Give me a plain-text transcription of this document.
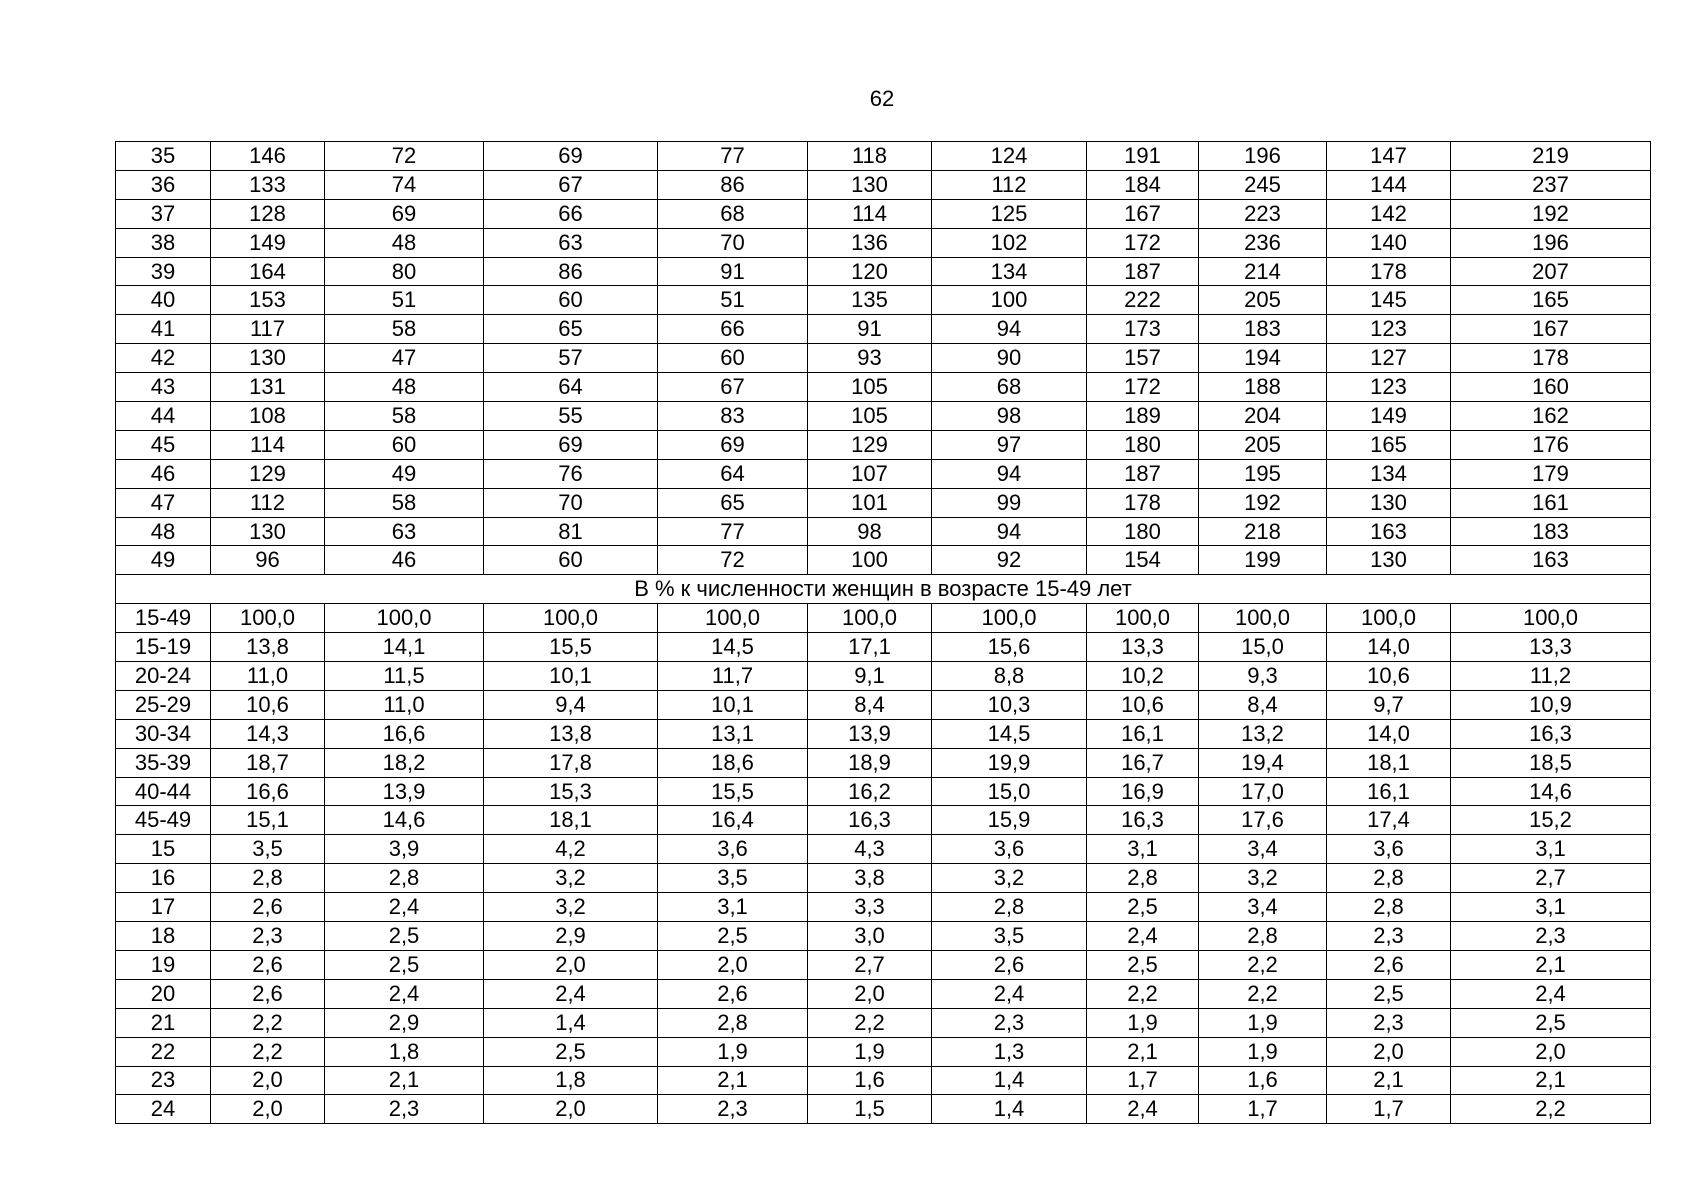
62
35	146	72	69	77	118	124	191	196	147	219
36	133	74	67	86	130	112	184	245	144	237
37	128	69	66	68	114	125	167	223	142	192
38	149	48	63	70	136	102	172	236	140	196
39	164	80	86	91	120	134	187	214	178	207
40	153	51	60	51	135	100	222	205	145	165
41	117	58	65	66	91	94	173	183	123	167
42	130	47	57	60	93	90	157	194	127	178
43	131	48	64	67	105	68	172	188	123	160
44	108	58	55	83	105	98	189	204	149	162
45	114	60	69	69	129	97	180	205	165	176
46	129	49	76	64	107	94	187	195	134	179
47	112	58	70	65	101	99	178	192	130	161
48	130	63	81	77	98	94	180	218	163	183
49	96	46	60	72	100	92	154	199	130	163
В % к численности женщин в возрасте 15-49 лет										
15-49	100,0	100,0	100,0	100,0	100,0	100,0	100,0	100,0	100,0	100,0
15-19	13,8	14,1	15,5	14,5	17,1	15,6	13,3	15,0	14,0	13,3
20-24	11,0	11,5	10,1	11,7	9,1	8,8	10,2	9,3	10,6	11,2
25-29	10,6	11,0	9,4	10,1	8,4	10,3	10,6	8,4	9,7	10,9
30-34	14,3	16,6	13,8	13,1	13,9	14,5	16,1	13,2	14,0	16,3
35-39	18,7	18,2	17,8	18,6	18,9	19,9	16,7	19,4	18,1	18,5
40-44	16,6	13,9	15,3	15,5	16,2	15,0	16,9	17,0	16,1	14,6
45-49	15,1	14,6	18,1	16,4	16,3	15,9	16,3	17,6	17,4	15,2
15	3,5	3,9	4,2	3,6	4,3	3,6	3,1	3,4	3,6	3,1
16	2,8	2,8	3,2	3,5	3,8	3,2	2,8	3,2	2,8	2,7
17	2,6	2,4	3,2	3,1	3,3	2,8	2,5	3,4	2,8	3,1
18	2,3	2,5	2,9	2,5	3,0	3,5	2,4	2,8	2,3	2,3
19	2,6	2,5	2,0	2,0	2,7	2,6	2,5	2,2	2,6	2,1
20	2,6	2,4	2,4	2,6	2,0	2,4	2,2	2,2	2,5	2,4
21	2,2	2,9	1,4	2,8	2,2	2,3	1,9	1,9	2,3	2,5
22	2,2	1,8	2,5	1,9	1,9	1,3	2,1	1,9	2,0	2,0
23	2,0	2,1	1,8	2,1	1,6	1,4	1,7	1,6	2,1	2,1
24	2,0	2,3	2,0	2,3	1,5	1,4	2,4	1,7	1,7	2,2
